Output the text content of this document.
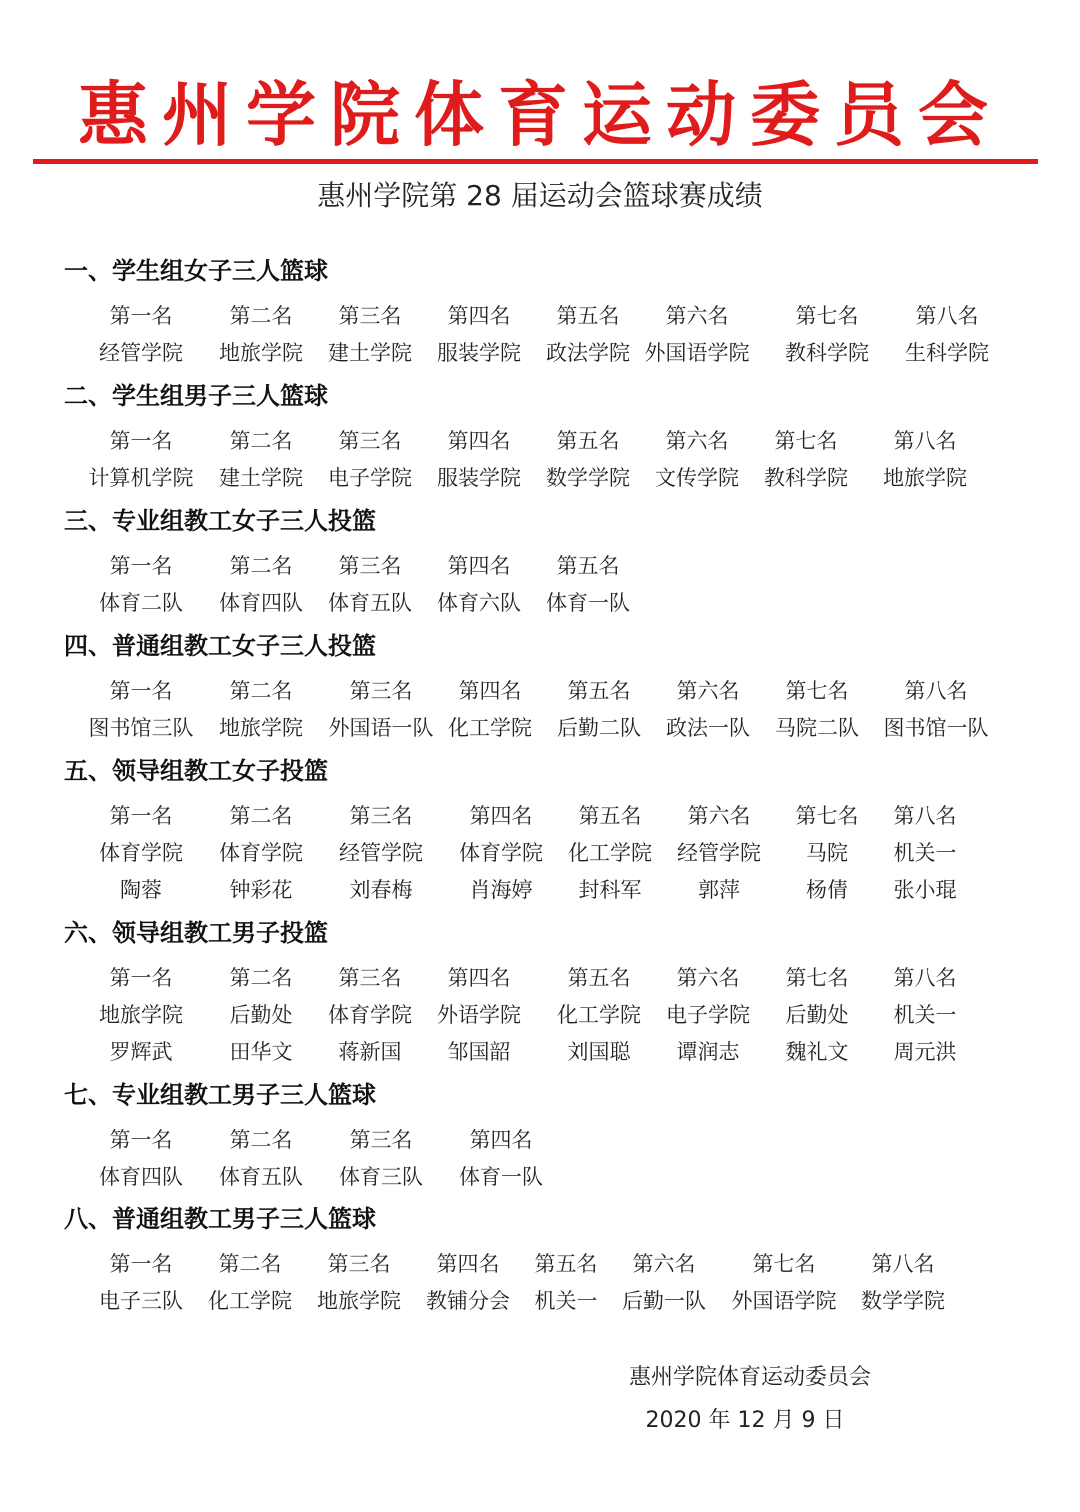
惠州学院体育运动委员会
惠州学院第 28 届运动会篮球赛成绩
一、学生组女子三人篮球
第一名	第二名	第三名	第四名	第五名	第六名	第七名	第八名
经管学院	地旅学院	建土学院	服装学院	政法学院 外国语学院	教科学院	生科学院
二、学生组男子三人篮球
第一名	第二名	第三名	第四名	第五名	第六名	第七名	第八名
计算机学院	建土学院	电子学院	服装学院	数学学院	文传学院	教科学院	地旅学院
三、专业组教工女子三人投篮
第一名	第二名	第三名	第四名	第五名
体育二队	体育四队	体育五队	体育六队	体育一队
四、普通组教工女子三人投篮
第一名	第二名	第三名	第四名	第五名	第六名	第七名	第八名
图书馆三队	地旅学院	外国语一队 化工学院	后勤二队	政法一队	马院二队	图书馆一队
五、领导组教工女子投篮
第一名	第二名	第三名	第四名	第五名	第六名	第七名	第八名
体育学院	体育学院	经管学院	体育学院	化工学院	经管学院	马院	机关一
陶蓉	钟彩花	刘春梅	肖海婷	封科军	郭萍	杨倩	张小琨
六、领导组教工男子投篮
第一名	第二名	第三名	第四名	第五名	第六名	第七名	第八名
地旅学院	后勤处	体育学院	外语学院	化工学院	电子学院	后勤处	机关一
罗辉武	田华文	蒋新国	邹国韶	刘国聪	谭润志	魏礼文	周元洪
七、专业组教工男子三人篮球
第一名	第二名	第三名	第四名
体育四队	体育五队	体育三队	体育一队
八、普通组教工男子三人篮球
第一名	第二名	第三名	第四名	第五名	第六名	第七名	第八名
电子三队	化工学院	地旅学院	教铺分会	机关一	后勤一队	外国语学院	数学学院
惠州学院体育运动委员会
2020 年 12 月 9 日
